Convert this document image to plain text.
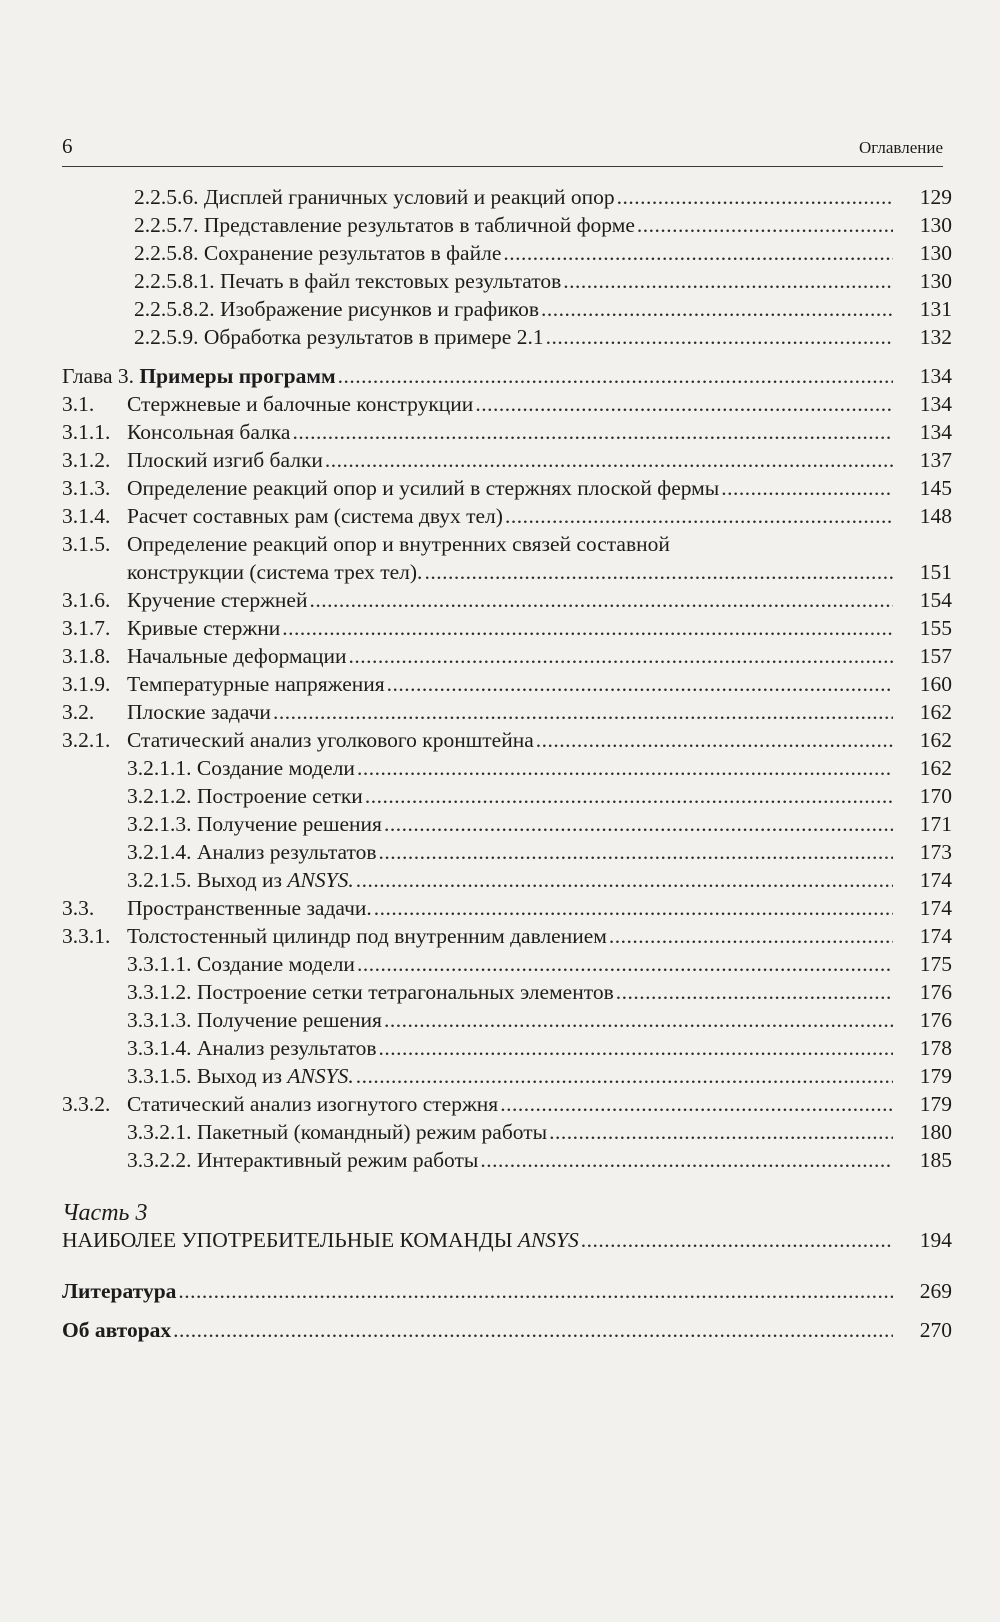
6	Оглавление
2.2.5.6. Дисплей граничных условий и реакций опор .....	129
2.2.5.7. Представление результатов в табличной форме .....	130
2.2.5.8. Сохранение результатов в файле .....	130
2.2.5.8.1. Печать в файл текстовых результатов .....	130
2.2.5.8.2. Изображение рисунков и графиков .....	131
2.2.5.9. Обработка результатов в примере 2.1 .....	132
Глава 3. Примеры программ .....	134
3.1. Стержневые и балочные конструкции .....	134
3.1.1. Консольная балка .....	134
3.1.2. Плоский изгиб балки .....	137
3.1.3. Определение реакций опор и усилий в стержнях плоской фермы .....	145
3.1.4. Расчет составных рам (система двух тел) .....	148
3.1.5. Определение реакций опор и внутренних связей составной
конструкции (система трех тел). .....	151
3.1.6. Кручение стержней .....	154
3.1.7. Кривые стержни .....	155
3.1.8. Начальные деформации .....	157
3.1.9. Температурные напряжения .....	160
3.2. Плоские задачи .....	162
3.2.1. Статический анализ уголкового кронштейна .....	162
3.2.1.1. Создание модели .....	162
3.2.1.2. Построение сетки .....	170
3.2.1.3. Получение решения .....	171
3.2.1.4. Анализ результатов .....	173
3.2.1.5. Выход из ANSYS. .....	174
3.3. Пространственные задачи. .....	174
3.3.1. Толстостенный цилиндр под внутренним давлением .....	174
3.3.1.1. Создание модели .....	175
3.3.1.2. Построение сетки тетрагональных элементов .....	176
3.3.1.3. Получение решения .....	176
3.3.1.4. Анализ результатов .....	178
3.3.1.5. Выход из ANSYS. .....	179
3.3.2. Статический анализ изогнутого стержня .....	179
3.3.2.1. Пакетный (командный) режим работы .....	180
3.3.2.2. Интерактивный режим работы .....	185
Часть 3
НАИБОЛЕЕ УПОТРЕБИТЕЛЬНЫЕ КОМАНДЫ ANSYS .....	194
Литература .....	269
Об авторах .....	270
